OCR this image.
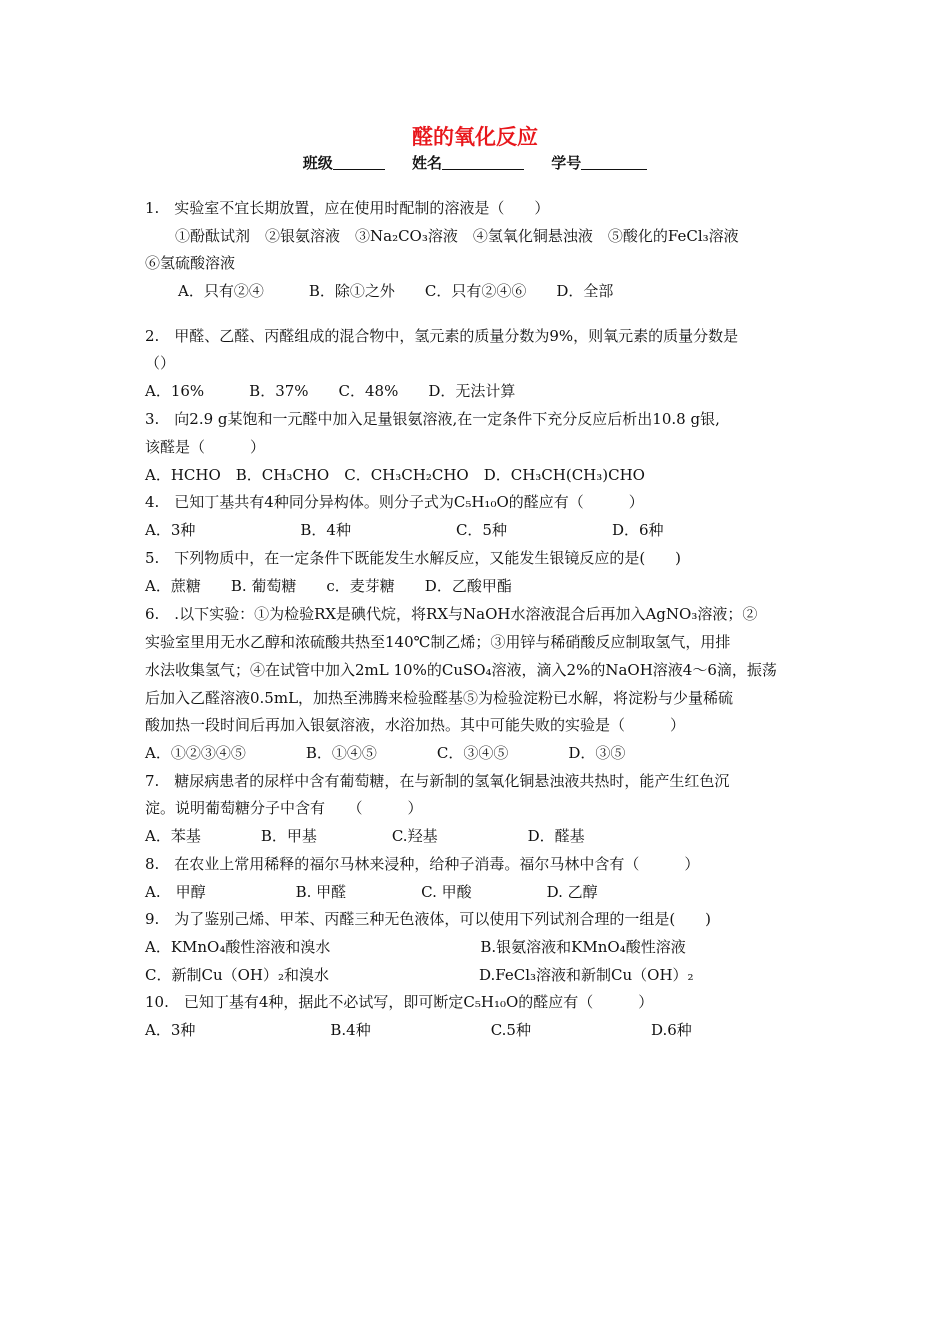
醛的氧化反应
班级	姓名	学号
1.　实验室不宜长期放置，应在使用时配制的溶液是（　　）
①酚酞试剂　②银氨溶液　③Na₂CO₃溶液　④氢氧化铜悬浊液　⑤酸化的FeCl₃溶液
⑥氢硫酸溶液
A．只有②④　　　B．除①之外　　C．只有②④⑥　　D．全部
2.　甲醛、乙醛、丙醛组成的混合物中，氢元素的质量分数为9%，则氧元素的质量分数是
（）
A．16%　　　B．37%　　C．48%　　D．无法计算
3.　向2.9 g某饱和一元醛中加入足量银氨溶液,在一定条件下充分反应后析出10.8 g银,
该醛是（　　　）
A．HCHO　B．CH₃CHO　C．CH₃CH₂CHO　D．CH₃CH(CH₃)CHO
4.　已知丁基共有4种同分异构体。则分子式为C₅H₁₀O的醛应有（　　　）
A．3种　　　　　　　B．4种　　　　　　　C．5种　　　　　　　D．6种
5.　下列物质中，在一定条件下既能发生水解反应，又能发生银镜反应的是(　　)
A．蔗糖　　B. 葡萄糖　　c．麦芽糖　　D．乙酸甲酯
6.　.以下实验：①为检验RX是碘代烷，将RX与NaOH水溶液混合后再加入AgNO₃溶液；②
实验室里用无水乙醇和浓硫酸共热至140℃制乙烯；③用锌与稀硝酸反应制取氢气，用排
水法收集氢气；④在试管中加入2mL 10%的CuSO₄溶液，滴入2%的NaOH溶液4～6滴，振荡
后加入乙醛溶液0.5mL，加热至沸腾来检验醛基⑤为检验淀粉已水解，将淀粉与少量稀硫
酸加热一段时间后再加入银氨溶液，水浴加热。其中可能失败的实验是（　　　）
A．①②③④⑤　　　　B．①④⑤　　　　C．③④⑤　　　　D．③⑤
7.　糖尿病患者的尿样中含有葡萄糖，在与新制的氢氧化铜悬浊液共热时，能产生红色沉
淀。说明葡萄糖分子中含有　　（　　　）
A．苯基　　　　B．甲基　　　　　C.羟基　　　　　　D．醛基
8.　在农业上常用稀释的福尔马林来浸种，给种子消毒。福尔马林中含有（　　　）
A.　甲醇　　　　　　B. 甲醛　　　　　C. 甲酸　　　　　D. 乙醇
9.　为了鉴别己烯、甲苯、丙醛三种无色液体，可以使用下列试剂合理的一组是(　　)
A．KMnO₄酸性溶液和溴水　　　　　　　　　　B.银氨溶液和KMnO₄酸性溶液
C．新制Cu（OH）₂和溴水　　　　　　　　　　D.FeCl₃溶液和新制Cu（OH）₂
10.　已知丁基有4种，据此不必试写，即可断定C₅H₁₀O的醛应有（　　　）
A．3种　　　　　　　　　B.4种　　　　　　　　C.5种　　　　　　　　D.6种
